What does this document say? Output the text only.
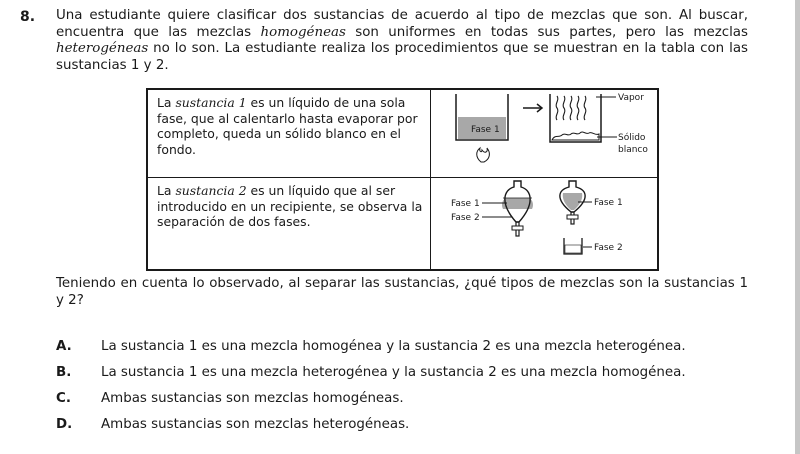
8. Una estudiante quiere clasificar dos sustancias de acuerdo al tipo de mezclas que son. Al buscar, encuentra que las mezclas homogéneas son uniformes en todas sus partes, pero las mezclas heterogéneas no lo son. La estudiante realiza los procedimientos que se muestran en la tabla con las sustancias 1 y 2.
La sustancia 1 es un líquido de una sola fase, que al calentarlo hasta evaporar por completo, queda un sólido blanco en el fondo.	Fase 1
Vapor
Sólido
blanco

La sustancia 2 es un líquido que al ser introducido en un recipiente, se observa la separación de dos fases.	Fase 1
Fase 2
Fase 1
Fase 2
Teniendo en cuenta lo observado, al separar las sustancias, ¿qué tipos de mezclas son la sustancias 1 y 2?
A. La sustancia 1 es una mezcla homogénea y la sustancia 2 es una mezcla heterogénea.
B. La sustancia 1 es una mezcla heterogénea y la sustancia 2 es una mezcla homogénea.
C. Ambas sustancias son mezclas homogéneas.
D. Ambas sustancias son mezclas heterogéneas.
